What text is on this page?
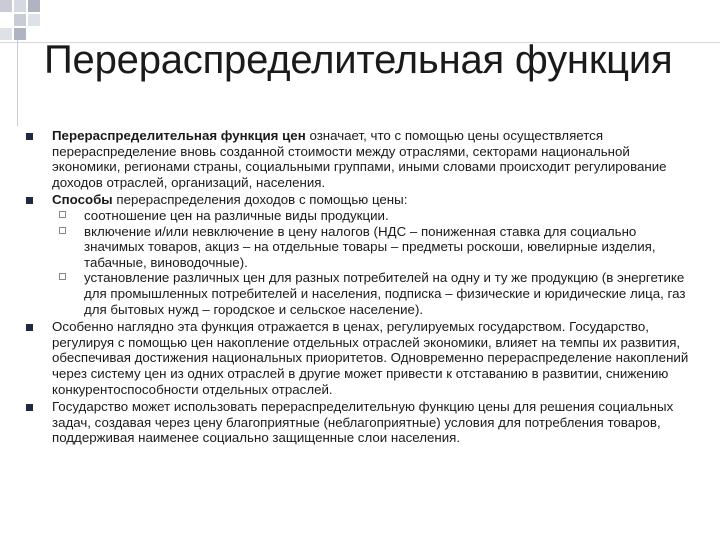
Перераспределительная функция
Перераспределительная функция цен означает, что с помощью цены осуществляется перераспределение вновь созданной стоимости между отраслями, секторами национальной экономики, регионами страны, социальными группами, иными словами происходит регулирование доходов отраслей, организаций, населения.
Способы перераспределения доходов с помощью цены:
соотношение цен на различные виды продукции.
включение и/или невключение в цену налогов (НДС – пониженная ставка для социально значимых товаров, акциз – на отдельные товары – предметы роскоши, ювелирные изделия, табачные, виноводочные).
установление различных цен для разных потребителей на одну и ту же продукцию (в энергетике для промышленных потребителей и населения, подписка – физические и юридические лица, газ для бытовых нужд – городское и сельское население).
Особенно наглядно эта функция отражается в ценах, регулируемых государством. Государство, регулируя с помощью цен накопление отдельных отраслей экономики, влияет на темпы их развития, обеспечивая достижения национальных приоритетов. Одновременно перераспределение накоплений через систему цен из одних отраслей в другие может привести к отставанию в развитии, снижению конкурентоспособности отдельных отраслей.
Государство может использовать перераспределительную функцию цены для решения социальных задач, создавая через цену благоприятные (неблагоприятные) условия для потребления товаров, поддерживая наименее социально защищенные слои населения.
